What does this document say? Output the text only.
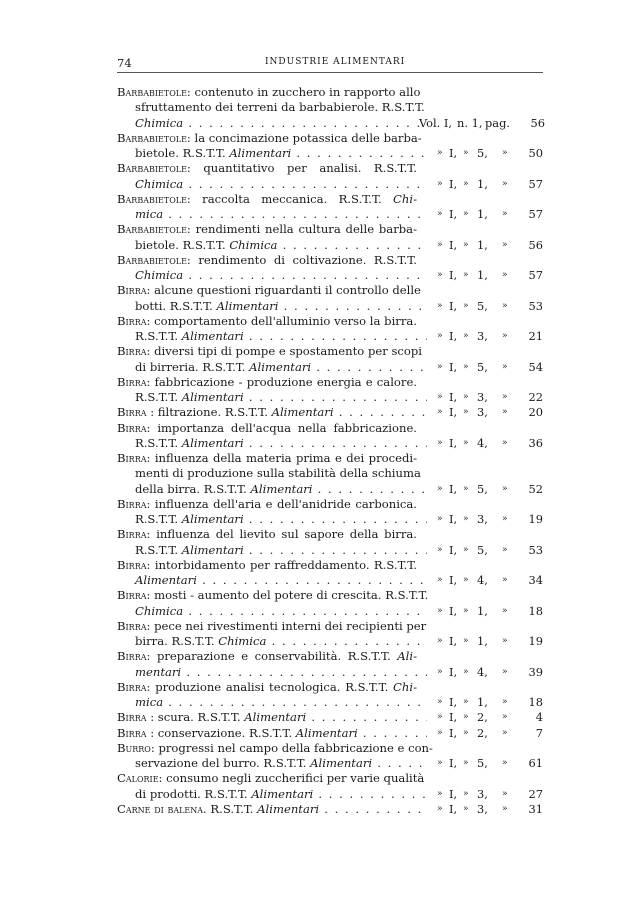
74	INDUSTRIE ALIMENTARI
Barbabietole: contenuto in zucchero in rapporto allo
sfruttamento dei terreni da barbabierole. R.S.T.T.
Chimica . . .	Vol. I, n. 1, pag. 56
Barbabietole: la concimazione potassica delle barba-
bietole. R.S.T.T. Alimentari . . .	» I, » 5, » 50
Barbabietole: quantitativo per analisi. R.S.T.T.
Chimica . . .	» I, » 1, » 57
Barbabietole: raccolta meccanica. R.S.T.T. Chi-
mica . . .	» I, » 1, » 57
Barbabietole: rendimenti nella cultura delle barba-
bietole. R.S.T.T. Chimica . . .	» I, » 1, » 56
Barbabietole: rendimento di coltivazione. R.S.T.T.
Chimica . . .	» I, » 1, » 57
Birra: alcune questioni riguardanti il controllo delle
botti. R.S.T.T. Alimentari . . .	» I, » 5, » 53
Birra: comportamento dell'alluminio verso la birra.
R.S.T.T. Alimentari . . .	» I, » 3, » 21
Birra: diversi tipi di pompe e spostamento per scopi
di birreria. R.S.T.T. Alimentari . . .	» I, » 5, » 54
Birra: fabbricazione - produzione energia e calore.
R.S.T.T. Alimentari . . .	» I, » 3, » 22
Birra : filtrazione. R.S.T.T. Alimentari . . .	» I, » 3, » 20
Birra: importanza dell'acqua nella fabbricazione.
R.S.T.T. Alimentari . . .	» I, » 4, » 36
Birra: influenza della materia prima e dei procedi-
menti di produzione sulla stabilità della schiuma
della birra. R.S.T.T. Alimentari . . .	» I, » 5, » 52
Birra: influenza dell'aria e dell'anidride carbonica.
R.S.T.T. Alimentari . . .	» I, » 3, » 19
Birra: influenza del lievito sul sapore della birra.
R.S.T.T. Alimentari . . .	» I, » 5, » 53
Birra: intorbidamento per raffreddamento. R.S.T.T.
Alimentari . . .	» I, » 4, » 34
Birra: mosti - aumento del potere di crescita. R.S.T.T.
Chimica . . .	» I, » 1, » 18
Birra: pece nei rivestimenti interni dei recipienti per
birra. R.S.T.T. Chimica . . .	» I, » 1, » 19
Birra: preparazione e conservabilità. R.S.T.T. Ali-
mentari . . .	» I, » 4, » 39
Birra: produzione analisi tecnologica. R.S.T.T. Chi-
mica . . .	» I, » 1, » 18
Birra : scura. R.S.T.T. Alimentari . . .	» I, » 2, » 4
Birra : conservazione. R.S.T.T. Alimentari . . .	» I, » 2, » 7
Burro: progressi nel campo della fabbricazione e con-
servazione del burro. R.S.T.T. Alimentari . . .	» I, » 5, » 61
Calorie: consumo negli zuccherifici per varie qualità
di prodotti. R.S.T.T. Alimentari . . .	» I, » 3, » 27
Carne di balena. R.S.T.T. Alimentari . . .	» I, » 3, » 31
